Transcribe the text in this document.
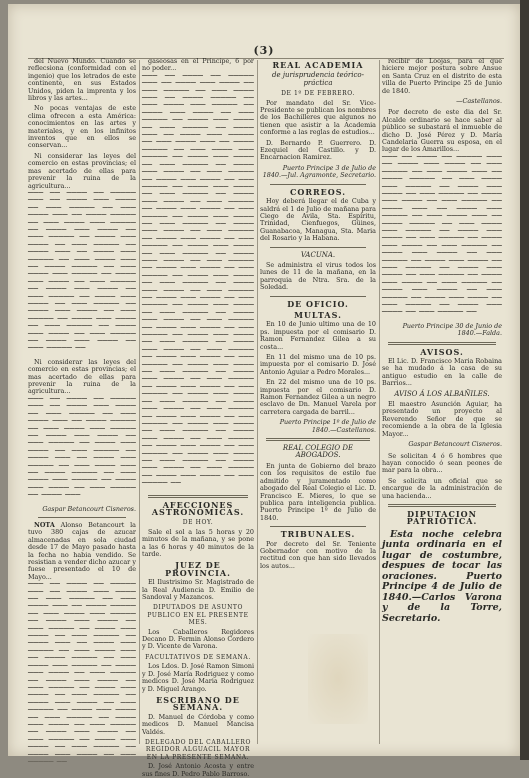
(3)

del Nuevo Mundo. Cuando se reflecsiona (conformidad con el ingenio) que los letrados de este continente, en sus Estados Unidos, piden la imprenta y los libros y las artes...

No pocas ventajas de este clima ofrecen a esta América: conocimientos en las artes y materiales, y en los infinitos inventos que en ellos se conservan...

Ni considerar las leyes del comercio en estas provincias; el mas acertado de ellas para prevenir la ruina de la agricultura...

▔▔▔ ▔▔ ▔▔▔▔ ▔▔ ▔▔▔▔▔ ▔▔▔ ▔▔ ▔▔▔▔ ▔▔▔ ▔▔▔▔ ▔▔ ▔▔▔ ▔▔▔▔▔ ▔▔ ▔▔▔ ▔▔▔▔ ▔▔▔ ▔▔ ▔▔▔▔ ▔▔▔▔▔ ▔▔ ▔▔▔ ▔▔▔▔ ▔▔▔ ▔▔▔▔▔ ▔▔ ▔▔▔▔ ▔▔▔ ▔▔▔▔ ▔▔ ▔▔▔ ▔▔▔▔▔ ▔▔ ▔▔▔▔ ▔▔▔ ▔▔▔▔ ▔▔ ▔▔▔ ▔▔▔▔▔ ▔▔ ▔▔▔▔ ▔▔▔ ▔▔ ▔▔▔▔ ▔▔▔ ▔▔▔▔▔ ▔▔ ▔▔▔ ▔▔▔▔ ▔▔▔ ▔▔ ▔▔▔▔ ▔▔▔▔▔ ▔▔ ▔▔▔ ▔▔▔▔ ▔▔▔ ▔▔▔▔▔ ▔▔ ▔▔▔▔ ▔▔▔ ▔▔▔▔ ▔▔ ▔▔▔ ▔▔▔▔▔ ▔▔ ▔▔▔▔ ▔▔▔ ▔▔▔▔ ▔▔ ▔▔▔ ▔▔▔▔▔ ▔▔ ▔▔▔▔ ▔▔▔ ▔▔▔▔ ▔▔ ▔▔▔ ▔▔▔▔▔ ▔▔ ▔▔▔▔ ▔▔▔ ▔▔▔▔ ▔▔ ▔▔▔ ▔▔▔▔▔ ▔▔ ▔▔▔▔ ▔▔▔ ▔▔▔▔ ▔▔ ▔▔▔ ▔▔▔▔▔ ▔▔ ▔▔▔▔ ▔▔▔ ▔▔▔▔ ▔▔ ▔▔▔ ▔▔▔▔▔ ▔▔ ▔▔▔▔ ▔▔▔ ▔▔▔▔ ▔▔ ▔▔▔ ▔▔▔▔▔ ▔▔

Ni considerar las leyes del comercio en estas provincias; el mas acertado de ellas para prevenir la ruina de la agricultura...

▔▔▔ ▔▔ ▔▔▔▔ ▔▔ ▔▔▔▔▔ ▔▔▔ ▔▔ ▔▔▔▔ ▔▔▔ ▔▔▔▔ ▔▔ ▔▔▔ ▔▔▔▔▔ ▔▔ ▔▔▔ ▔▔▔▔ ▔▔▔ ▔▔ ▔▔▔▔ ▔▔▔▔▔ ▔▔ ▔▔▔ ▔▔▔▔ ▔▔▔ ▔▔▔▔▔ ▔▔ ▔▔▔▔ ▔▔▔ ▔▔▔▔ ▔▔ ▔▔▔ ▔▔▔▔▔ ▔▔ ▔▔▔▔ ▔▔▔ ▔▔▔▔ ▔▔ ▔▔▔ ▔▔▔▔▔ ▔▔ ▔▔▔▔ ▔▔▔ ▔▔ ▔▔▔▔ ▔▔▔ ▔▔▔▔▔ ▔▔ ▔▔▔ ▔▔▔▔ ▔▔▔ ▔▔ ▔▔▔▔ ▔▔▔▔▔ ▔▔ ▔▔▔ ▔▔▔▔ ▔▔▔ ▔▔▔▔▔ ▔▔ ▔▔▔▔ ▔▔▔ ▔▔▔▔ ▔▔ ▔▔▔ ▔▔▔▔▔ ▔▔ ▔▔▔▔ ▔▔▔

Gaspar Betancourt Cisneros.

NOTA Alonso Betancourt la tuvo 380 cajas de azucar almacenadas en sola ciudad desde 17 de Mayo pasado hasta la fecha no habia vendido. Se resistian a vender dicho azucar y fuese presentado el 10 de Mayo...

▔▔▔ ▔▔ ▔▔▔▔ ▔▔ ▔▔▔▔▔ ▔▔▔ ▔▔ ▔▔▔▔ ▔▔▔ ▔▔▔▔ ▔▔ ▔▔▔ ▔▔▔▔▔ ▔▔ ▔▔▔ ▔▔▔▔ ▔▔▔ ▔▔ ▔▔▔▔ ▔▔▔▔▔ ▔▔ ▔▔▔ ▔▔▔▔ ▔▔▔ ▔▔▔▔▔ ▔▔ ▔▔▔▔ ▔▔▔ ▔▔▔▔ ▔▔ ▔▔▔ ▔▔▔▔▔ ▔▔ ▔▔▔▔ ▔▔▔ ▔▔▔▔ ▔▔ ▔▔▔ ▔▔▔▔▔ ▔▔ ▔▔▔▔ ▔▔▔ ▔▔ ▔▔▔▔ ▔▔▔ ▔▔▔▔▔ ▔▔ ▔▔▔ ▔▔▔▔ ▔▔▔ ▔▔ ▔▔▔▔ ▔▔▔▔▔ ▔▔ ▔▔▔ ▔▔▔▔ ▔▔▔ ▔▔▔▔▔ ▔▔ ▔▔▔▔ ▔▔▔ ▔▔▔▔ ▔▔ ▔▔▔ ▔▔▔▔▔ ▔▔ ▔▔▔▔ ▔▔▔ ▔▔▔▔ ▔▔ ▔▔▔ ▔▔▔▔▔ ▔▔ ▔▔▔▔ ▔▔▔ ▔▔▔▔ ▔▔ ▔▔▔ ▔▔▔▔▔ ▔▔ ▔▔▔▔ ▔▔▔ ▔▔▔▔ ▔▔ ▔▔▔ ▔▔▔▔▔ ▔▔ ▔▔▔▔ ▔▔▔ ▔▔▔▔ ▔▔ ▔▔▔ ▔▔▔▔▔ ▔▔ ▔▔▔▔ ▔▔▔ ▔▔▔▔ ▔▔ ▔▔▔ ▔▔▔▔▔ ▔▔ ▔▔▔▔ ▔▔▔ ▔▔▔▔ ▔▔ ▔▔▔ ▔▔▔▔▔ ▔▔ ▔▔▔▔ ▔▔▔ ▔▔▔▔ ▔▔ ▔▔▔ ▔▔▔▔▔ ▔▔ ▔▔▔▔ ▔▔▔ ▔▔▔▔ ▔▔ ▔▔▔ ▔▔▔▔▔ ▔▔

gaseosas en el Principe, 6 por no poder...

▔▔▔ ▔▔ ▔▔▔▔ ▔▔ ▔▔▔▔▔ ▔▔▔ ▔▔ ▔▔▔▔ ▔▔▔ ▔▔▔▔ ▔▔ ▔▔▔ ▔▔▔▔▔ ▔▔ ▔▔▔ ▔▔▔▔ ▔▔▔ ▔▔ ▔▔▔▔ ▔▔▔▔▔ ▔▔ ▔▔▔ ▔▔▔▔ ▔▔▔ ▔▔▔▔▔ ▔▔ ▔▔▔▔ ▔▔▔ ▔▔▔▔ ▔▔ ▔▔▔ ▔▔▔▔▔ ▔▔ ▔▔▔▔ ▔▔▔ ▔▔▔▔ ▔▔ ▔▔▔ ▔▔▔▔▔ ▔▔ ▔▔▔▔ ▔▔▔ ▔▔ ▔▔▔▔ ▔▔▔ ▔▔▔▔▔ ▔▔ ▔▔▔ ▔▔▔▔ ▔▔▔ ▔▔ ▔▔▔▔ ▔▔▔▔▔ ▔▔ ▔▔▔ ▔▔▔▔ ▔▔▔ ▔▔▔▔▔ ▔▔ ▔▔▔▔ ▔▔▔ ▔▔▔▔ ▔▔ ▔▔▔ ▔▔▔▔▔ ▔▔ ▔▔▔▔ ▔▔▔ ▔▔▔▔ ▔▔ ▔▔▔ ▔▔▔▔▔ ▔▔ ▔▔▔▔ ▔▔▔ ▔▔▔▔ ▔▔ ▔▔▔ ▔▔▔▔▔ ▔▔ ▔▔▔▔ ▔▔▔ ▔▔▔▔ ▔▔ ▔▔▔ ▔▔▔▔▔ ▔▔ ▔▔▔▔ ▔▔▔ ▔▔▔▔ ▔▔ ▔▔▔ ▔▔▔▔▔ ▔▔ ▔▔▔▔ ▔▔▔ ▔▔▔▔ ▔▔ ▔▔▔ ▔▔▔▔▔ ▔▔ ▔▔▔▔ ▔▔▔ ▔▔▔▔ ▔▔ ▔▔▔ ▔▔▔▔▔ ▔▔ ▔▔▔▔ ▔▔▔ ▔▔▔▔ ▔▔ ▔▔▔ ▔▔▔▔▔ ▔▔ ▔▔▔▔ ▔▔▔ ▔▔▔▔ ▔▔ ▔▔▔ ▔▔▔▔▔ ▔▔ ▔▔▔▔ ▔▔▔ ▔▔▔▔ ▔▔ ▔▔▔ ▔▔▔▔▔ ▔▔ ▔▔▔▔ ▔▔▔ ▔▔▔▔ ▔▔ ▔▔▔ ▔▔▔▔▔ ▔▔ ▔▔▔▔ ▔▔▔ ▔▔▔▔ ▔▔ ▔▔▔ ▔▔▔▔▔ ▔▔ ▔▔▔▔ ▔▔▔ ▔▔▔▔ ▔▔ ▔▔▔ ▔▔▔▔▔ ▔▔ ▔▔▔▔ ▔▔▔ ▔▔▔▔ ▔▔ ▔▔▔ ▔▔▔▔▔ ▔▔ ▔▔▔▔ ▔▔▔ ▔▔▔▔ ▔▔ ▔▔▔ ▔▔▔▔▔ ▔▔ ▔▔▔▔ ▔▔▔ ▔▔▔▔ ▔▔ ▔▔▔ ▔▔▔▔▔ ▔▔ ▔▔▔▔ ▔▔▔ ▔▔▔▔ ▔▔ ▔▔▔ ▔▔▔▔▔ ▔▔ ▔▔▔▔ ▔▔▔ ▔▔▔▔ ▔▔ ▔▔▔ ▔▔▔▔▔ ▔▔ ▔▔▔▔ ▔▔▔ ▔▔▔▔ ▔▔ ▔▔▔ ▔▔▔▔▔ ▔▔ ▔▔▔▔ ▔▔▔ ▔▔▔▔ ▔▔ ▔▔▔ ▔▔▔▔▔ ▔▔ ▔▔▔▔ ▔▔▔ ▔▔▔▔ ▔▔ ▔▔▔ ▔▔▔▔▔ ▔▔ ▔▔▔▔ ▔▔▔ ▔▔▔▔ ▔▔ ▔▔▔ ▔▔▔▔▔ ▔▔ ▔▔▔▔ ▔▔▔ ▔▔▔▔ ▔▔ ▔▔▔ ▔▔▔▔▔ ▔▔ ▔▔▔▔ ▔▔▔ ▔▔▔▔ ▔▔ ▔▔▔ ▔▔▔▔▔ ▔▔ ▔▔▔▔ ▔▔▔ ▔▔▔▔ ▔▔ ▔▔▔ ▔▔▔▔▔ ▔▔ ▔▔▔▔ ▔▔▔ ▔▔▔▔ ▔▔ ▔▔▔ ▔▔▔▔▔ ▔▔ ▔▔▔▔ ▔▔▔ ▔▔▔▔ ▔▔ ▔▔▔ ▔▔▔▔▔ ▔▔ ▔▔▔▔ ▔▔▔ ▔▔▔▔ ▔▔ ▔▔▔ ▔▔▔▔▔ ▔▔ ▔▔▔▔ ▔▔▔ ▔▔▔▔ ▔▔ ▔▔▔ ▔▔▔▔▔ ▔▔ ▔▔▔▔ ▔▔▔ ▔▔▔▔ ▔▔ ▔▔▔ ▔▔▔▔▔ ▔▔ ▔▔▔▔ ▔▔▔ ▔▔▔▔ ▔▔ ▔▔▔ ▔▔▔▔▔ ▔▔ ▔▔▔▔ ▔▔▔ ▔▔▔▔ ▔▔ ▔▔▔ ▔▔▔▔▔ ▔▔ ▔▔▔▔ ▔▔▔ ▔▔▔▔ ▔▔ ▔▔▔ ▔▔▔▔▔ ▔▔
AFECCIONES ASTRONOMICAS.
DE HOY.

Sale el sol a las 5 horas y 20 minutos de la mañana, y se pone a las 6 horas y 40 minutos de la tarde.

JUEZ DE PROVINCIA.

El Ilustrisimo Sr. Magistrado de la Real Audiencia D. Emilio de Sandoval y Mazancos.

DIPUTADOS DE ASUNTO PUBLICO EN EL PRESENTE MES.

Los Caballeros Regidores Decano D. Fermin Alonso Cordero y D. Vicente de Varona.

FACULTATIVOS DE SEMANA.

Los Ldos. D. José Ramon Simoni y D. José María Rodriguez y como medicos D. José Maria Rodriguez y D. Miguel Arango.

ESCRIBANO DE SEMANA.

D. Manuel de Córdoba y como medicos D. Manuel Mancisa Valdés.

DELEGADO DEL CABALLERO REGIDOR ALGUACIL MAYOR EN LA PRESENTE SEMANA.

D. José Antonio Acosta y entre sus fines D. Pedro Pablo Barroso.

REAL ACADEMIA
de jurisprudencia teórico-práctica
DE 1º DE FEBRERO.

Por mandato del Sr. Vice-Presidente se publican los nombres de los Bachilleres que algunos no tienen que asistir a la Academia conforme a las reglas de estudios...

D. Bernardo P. Guerrero. D. Ezequiel del Castillo. y D. Encarnacion Ramirez.

Puerto Principe 3 de Julio de 1840.—Jul. Agramonte, Secretario.

CORREOS.

Hoy deberá llegar el de Cuba y saldrá el 1 de Julio de mañana para Ciego de Avila, Sta. Espíritu, Trinidad, Cienfuegos, Güines, Guanabacoa, Managua, Sta. Maria del Rosario y la Habana.

VACUNA.

Se administra el virus todos los lunes de 11 de la mañana, en la parroquia de Ntra. Sra. de la Soledad.

DE OFICIO.
MULTAS.

En 10 de Junio ultimo una de 10 ps. impuesta por el comisario D. Ramon Fernandez Gilea a su costa...

En 11 del mismo una de 10 ps. impuesta por el comisario D. José Antonio Aguiar a Pedro Morales...

En 22 del mismo una de 10 ps. impuesta por el comisario D. Ramon Fernandez Gilea a un negro esclavo de Dn. Manuel Varela por carretera cargada de barril...

Puerto Principe 1º de Julio de 1840.—Castellanos.

REAL COLEGIO DE ABOGADOS.

En junta de Gobierno del brazo con los requisitos de estilo fue admitido y juramentado como abogado del Real Colegio el Lic. D. Francisco E. Mieres, lo que se publica para inteligencia publica. Puerto Principe 1º de Julio de 1840.

TRIBUNALES.

Por decreto del Sr. Teniente Gobernador con motivo de la rectitud con que han sido llevados los autos...

recibir de Loojas, para el que hiciere mejor postura sobre Ansue en Santa Cruz en el distrito de esta villa de Puerto Principe 25 de Junio de 1840.

—Castellanos.

Por decreto de este dia del Sr. Alcalde ordinario se hace saber al público se subastará el inmueble de dicho D. José Pérez y D. María Candelaria Guerra su esposa, en el lugar de los Amarillos...

▔▔▔ ▔▔ ▔▔▔▔ ▔▔ ▔▔▔▔▔ ▔▔▔ ▔▔ ▔▔▔▔ ▔▔▔ ▔▔▔▔ ▔▔ ▔▔▔ ▔▔▔▔▔ ▔▔ ▔▔▔ ▔▔▔▔ ▔▔▔ ▔▔ ▔▔▔▔ ▔▔▔▔▔ ▔▔ ▔▔▔ ▔▔▔▔ ▔▔▔ ▔▔▔▔▔ ▔▔ ▔▔▔▔ ▔▔▔ ▔▔▔▔ ▔▔ ▔▔▔ ▔▔▔▔▔ ▔▔ ▔▔▔▔ ▔▔▔ ▔▔▔▔ ▔▔ ▔▔▔ ▔▔▔▔▔ ▔▔ ▔▔▔▔ ▔▔▔ ▔▔ ▔▔▔▔ ▔▔▔ ▔▔▔▔▔ ▔▔ ▔▔▔ ▔▔▔▔ ▔▔▔ ▔▔ ▔▔▔▔ ▔▔▔▔▔ ▔▔ ▔▔▔ ▔▔▔▔ ▔▔▔ ▔▔▔▔▔ ▔▔ ▔▔▔▔ ▔▔▔ ▔▔▔▔ ▔▔ ▔▔▔ ▔▔▔▔▔ ▔▔ ▔▔▔▔ ▔▔▔ ▔▔▔▔ ▔▔ ▔▔▔ ▔▔▔▔▔ ▔▔ ▔▔▔▔ ▔▔▔ ▔▔▔▔ ▔▔ ▔▔▔ ▔▔▔▔▔ ▔▔ ▔▔▔▔ ▔▔▔ ▔▔▔▔ ▔▔ ▔▔▔ ▔▔▔▔▔ ▔▔ ▔▔▔▔ ▔▔▔ ▔▔▔▔ ▔▔ ▔▔▔ ▔▔▔▔▔ ▔▔ ▔▔▔▔ ▔▔▔ ▔▔▔▔ ▔▔ ▔▔▔ ▔▔▔▔▔ ▔▔ ▔▔▔▔ ▔▔▔ ▔▔▔▔ ▔▔ ▔▔▔ ▔▔▔▔▔ ▔▔ ▔▔▔▔ ▔▔▔ ▔▔▔▔ ▔▔ ▔▔▔ ▔▔▔▔▔ ▔▔ ▔▔▔▔ ▔▔▔ ▔▔▔▔ ▔▔ ▔▔▔ ▔▔▔▔▔ ▔▔

Puerto Principe 30 de Junio de 1840.—Falda.

AVISOS.

El Lic. D. Francisco Maria Robaina se ha mudado á la casa de su antiguo estudio en la calle de Barrios...

AVISO Á LOS ALBAÑILES.

El maestro Asunción Aguiar, ha presentado un proyecto al Reverendo Señor de que se recomiende a la obra de la Iglesia Mayor...

Gaspar Betancourt Cisneros.

Se solicitan 4 ó 6 hombres que hayan conocido ó sean peones de mar para la obra...

Se solicita un oficial que se encargue de la administración de una hacienda...

DIPUTACION PATRIOTICA.

Esta noche celebra junta ordinaria en el lugar de costumbre, despues de tocar las oraciones. Puerto Principe 4 de Julio de 1840.—Carlos Varona y de la Torre, Secretario.
